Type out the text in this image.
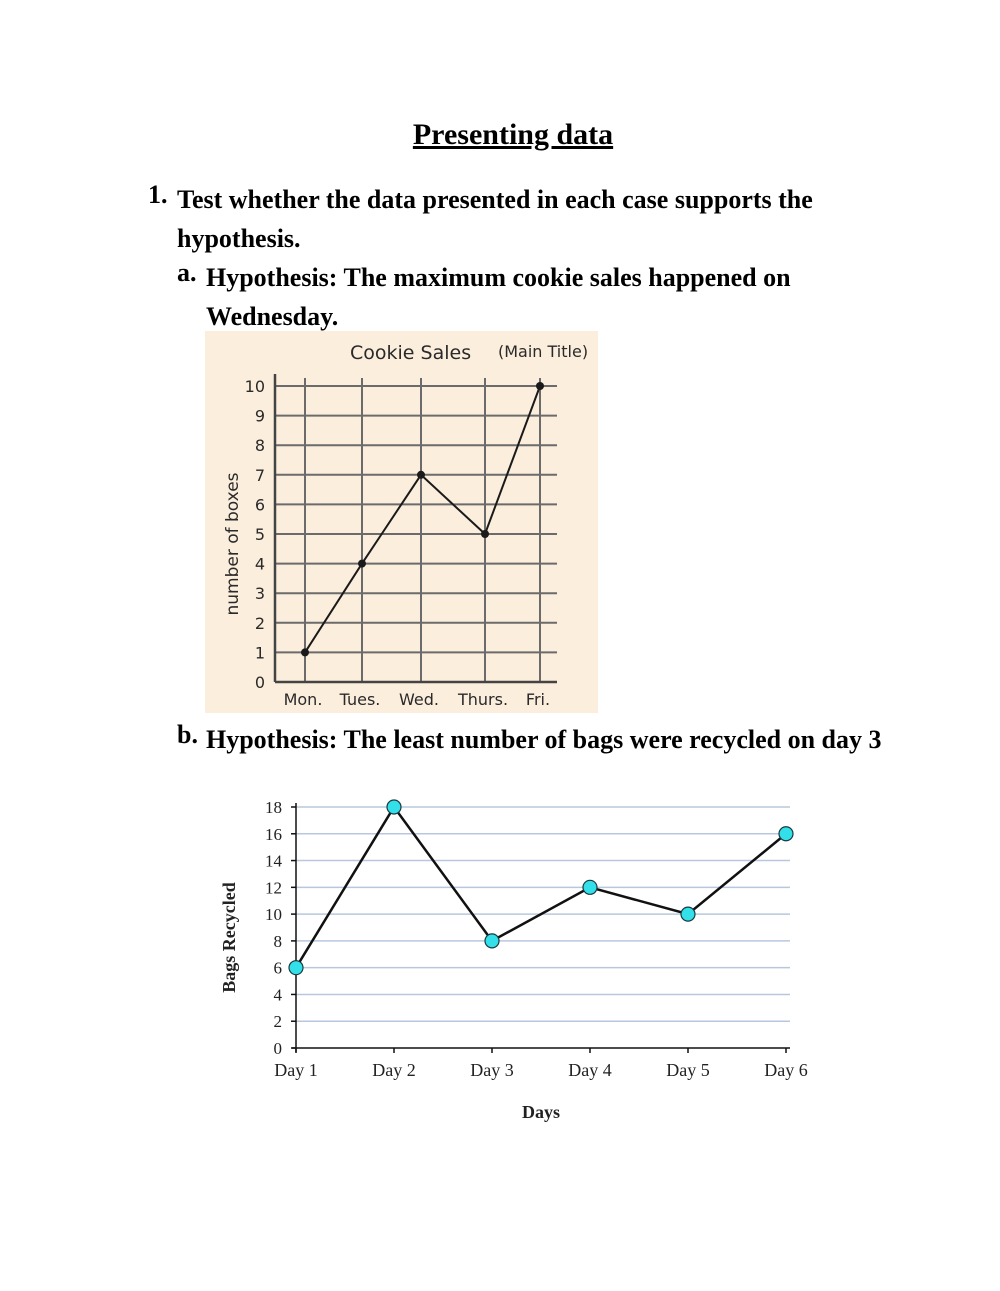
Presenting data
1. Test whether the data presented in each case supports the hypothesis.
a. Hypothesis: The maximum cookie sales happened on Wednesday.
Cookie Sales (Main Title)
0
1
2
3
4
5
6
7
8
9
10
number of boxes
Mon. Tues. Wed. Thurs. Fri.
b. Hypothesis: The least number of bags were recycled on day 3
0
2
4
6
8
10
12
14
16
18
Day 1	Day 2	Day 3	Day 4	Day 5	Day 6
Days
Bags Recycled
